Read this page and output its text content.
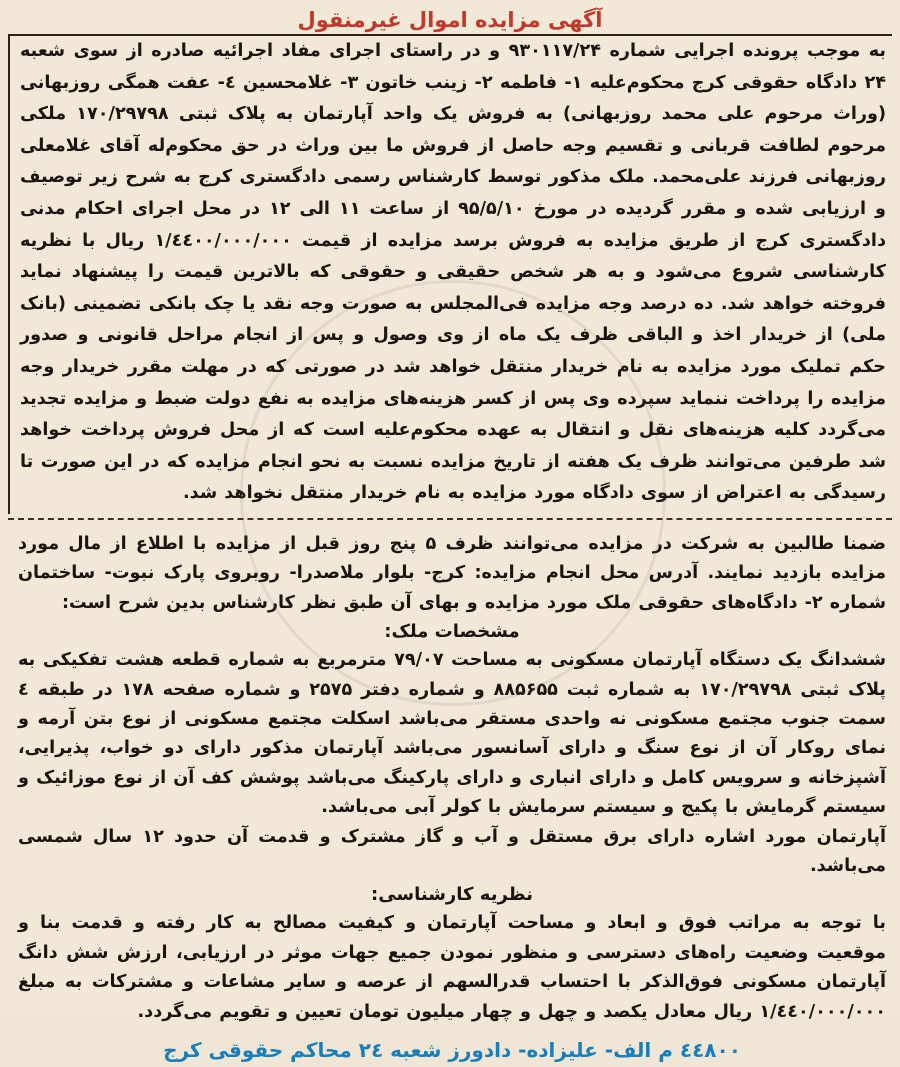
آگهی مزایده اموال غیرمنقول

به موجب پرونده اجرایی شماره ۹۳۰۱۱۷/۲۴ و در راستای اجرای مفاد اجرائیه صادره از سوی شعبه ۲۴ دادگاه حقوقی کرج محکوم‌علیه ۱- فاطمه ۲- زینب خاتون ۳- غلامحسین ٤- عفت همگی روزبهانی (وراث مرحوم علی محمد روزبهانی) به فروش یک واحد آپارتمان به پلاک ثبتی ۱۷۰/۲۹۷۹۸ ملکی مرحوم لطافت قربانی و تقسیم وجه حاصل از فروش ما بین وراث در حق محکوم‌له آقای غلامعلی روزبهانی فرزند علی‌محمد. ملک مذکور توسط کارشناس رسمی دادگستری کرج به شرح زیر توصیف و ارزیابی شده و مقرر گردیده در مورخ ۹۵/۵/۱۰ از ساعت ۱۱ الی ۱۲ در محل اجرای احکام مدنی دادگستری کرج از طریق مزایده به فروش برسد مزایده از قیمت ۱/٤٤٠۰/۰۰۰/۰۰۰ ریال با نظریه کارشناسی شروع می‌شود و به هر شخص حقیقی و حقوقی که بالاترین قیمت را پیشنهاد نماید فروخته خواهد شد. ده درصد وجه مزایده فی‌المجلس به صورت وجه نقد یا چک بانکی تضمینی (بانک ملی) از خریدار اخذ و الباقی ظرف یک ماه از وی وصول و پس از انجام مراحل قانونی و صدور حکم تملیک مورد مزایده به نام خریدار منتقل خواهد شد در صورتی که در مهلت مقرر خریدار وجه مزایده را پرداخت ننماید سپرده وی پس از کسر هزینه‌های مزایده به نفع دولت ضبط و مزایده تجدید می‌گردد کلیه هزینه‌های نقل و انتقال به عهده محکوم‌علیه است که از محل فروش پرداخت خواهد شد طرفین می‌توانند ظرف یک هفته از تاریخ مزایده نسبت به نحو انجام مزایده که در این صورت تا رسیدگی به اعتراض از سوی دادگاه مورد مزایده به نام خریدار منتقل نخواهد شد.

ضمنا طالبین به شرکت در مزایده می‌توانند ظرف ۵ پنج روز قبل از مزایده با اطلاع از مال مورد مزایده بازدید نمایند. آدرس محل انجام مزایده: کرج- بلوار ملاصدرا- روبروی پارک نبوت- ساختمان شماره ۲- دادگاه‌های حقوقی ملک مورد مزایده و بهای آن طبق نظر کارشناس بدین شرح است:

مشخصات ملک:

ششدانگ یک دستگاه آپارتمان مسکونی به مساحت ۷۹/۰۷ مترمربع به شماره قطعه هشت تفکیکی به پلاک ثبتی ۱۷۰/۲۹۷۹۸ به شماره ثبت ۸۸۵۶۵۵ و شماره دفتر ۲۵۷۵ و شماره صفحه ۱۷۸ در طبقه ٤ سمت جنوب مجتمع مسکونی نه واحدی مستقر می‌باشد اسکلت مجتمع مسکونی از نوع بتن آرمه و نمای روکار آن از نوع سنگ و دارای آسانسور می‌باشد آپارتمان مذکور دارای دو خواب، پذیرایی، آشپزخانه و سرویس کامل و دارای انباری و دارای پارکینگ می‌باشد پوشش کف آن از نوع موزائیک و سیستم گرمایش با پکیج و سیستم سرمایش با کولر آبی می‌باشد.

آپارتمان مورد اشاره دارای برق مستقل و آب و گاز مشترک و قدمت آن حدود ۱۲ سال شمسی می‌باشد.

نظریه کارشناسی:

با توجه به مراتب فوق و ابعاد و مساحت آپارتمان و کیفیت مصالح به کار رفته و قدمت بنا و موقعیت وضعیت راه‌های دسترسی و منظور نمودن جمیع جهات موثر در ارزیابی، ارزش شش دانگ آپارتمان مسکونی فوق‌الذکر با احتساب قدرالسهم از عرصه و سایر مشاعات و مشترکات به مبلغ ۱/٤٤۰/۰۰۰/۰۰۰ ریال معادل یکصد و چهل و چهار میلیون تومان تعیین و تقویم می‌گردد.

٤٤٨۰۰ م الف- علیزاده- دادورز شعبه ۲٤ محاکم حقوقی کرج
